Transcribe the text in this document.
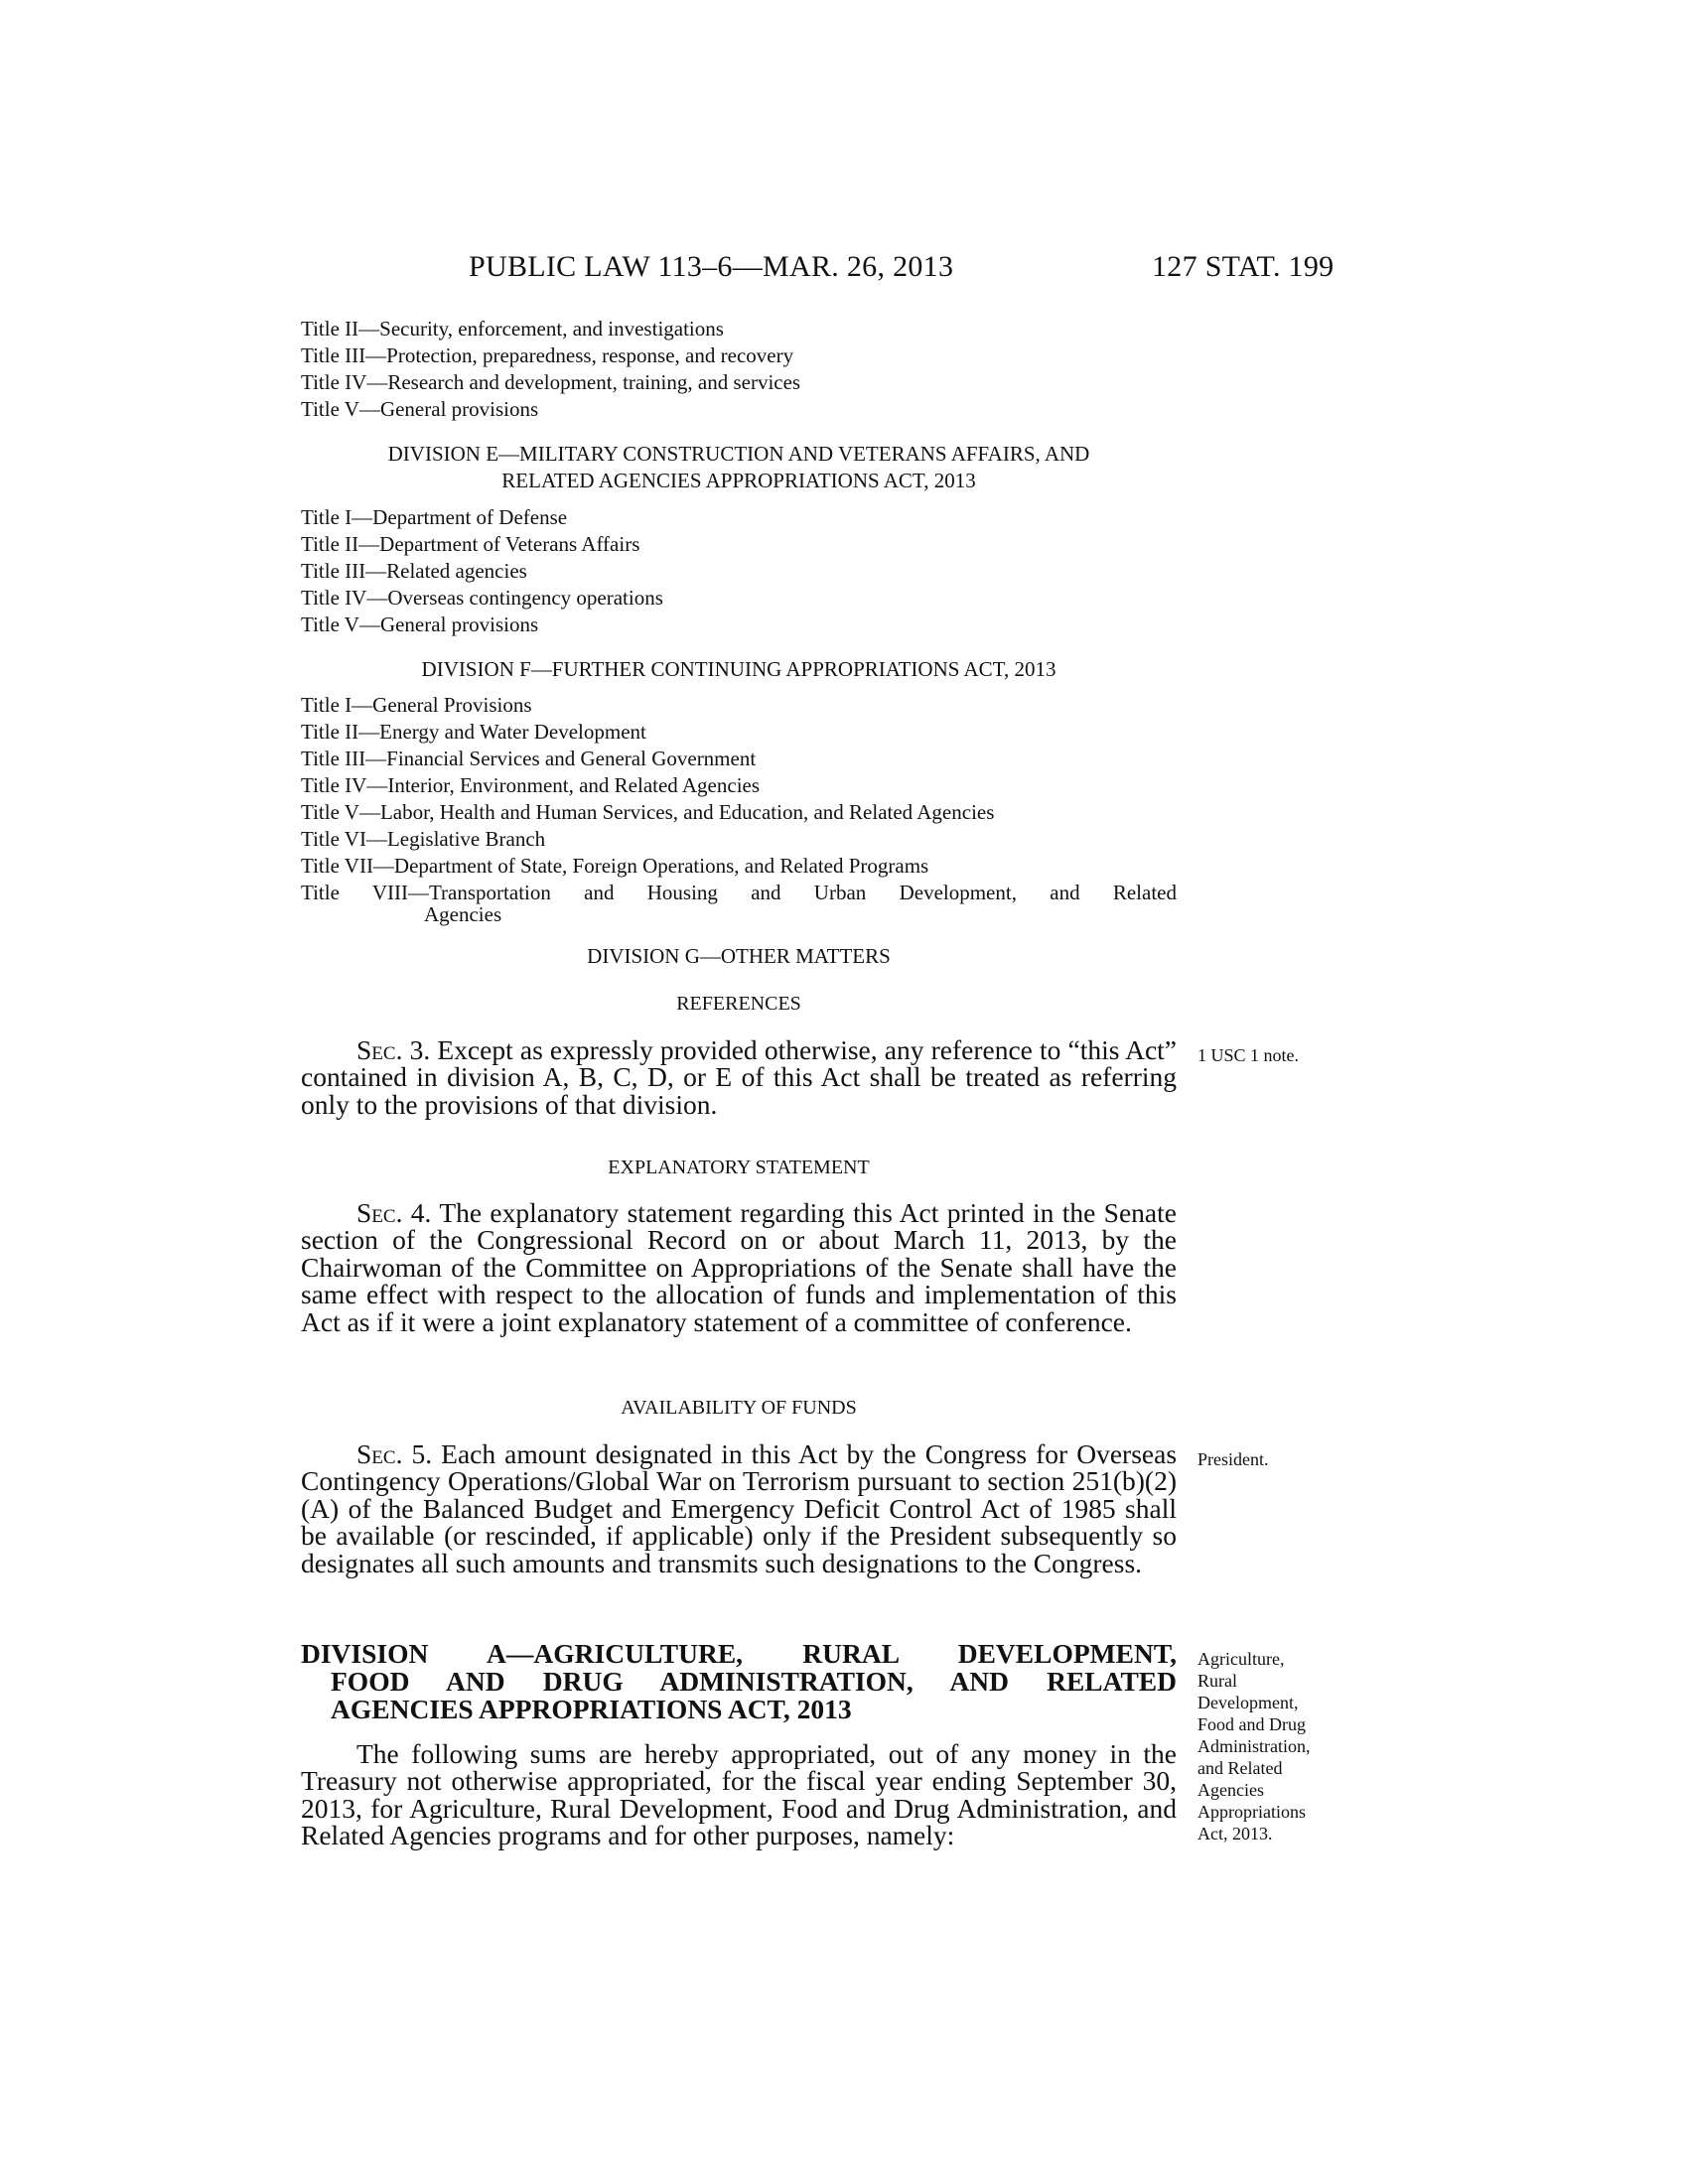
PUBLIC LAW 113–6—MAR. 26, 2013	127 STAT. 199
Title II—Security, enforcement, and investigations
Title III—Protection, preparedness, response, and recovery
Title IV—Research and development, training, and services
Title V—General provisions
DIVISION E—MILITARY CONSTRUCTION AND VETERANS AFFAIRS, AND
RELATED AGENCIES APPROPRIATIONS ACT, 2013
Title I—Department of Defense
Title II—Department of Veterans Affairs
Title III—Related agencies
Title IV—Overseas contingency operations
Title V—General provisions
DIVISION F—FURTHER CONTINUING APPROPRIATIONS ACT, 2013
Title I—General Provisions
Title II—Energy and Water Development
Title III—Financial Services and General Government
Title IV—Interior, Environment, and Related Agencies
Title V—Labor, Health and Human Services, and Education, and Related Agencies
Title VI—Legislative Branch
Title VII—Department of State, Foreign Operations, and Related Programs
Title VIII—Transportation and Housing and Urban Development, and Related
Agencies
DIVISION G—OTHER MATTERS
REFERENCES
Sec. 3. Except as expressly provided otherwise, any reference to “this Act” contained in division A, B, C, D, or E of this Act shall be treated as referring only to the provisions of that division.
1 USC 1 note.
EXPLANATORY STATEMENT
Sec. 4. The explanatory statement regarding this Act printed in the Senate section of the Congressional Record on or about March 11, 2013, by the Chairwoman of the Committee on Appropriations of the Senate shall have the same effect with respect to the allocation of funds and implementation of this Act as if it were a joint explanatory statement of a committee of conference.
AVAILABILITY OF FUNDS
Sec. 5. Each amount designated in this Act by the Congress for Overseas Contingency Operations/Global War on Terrorism pursuant to section 251(b)(2)(A) of the Balanced Budget and Emergency Deficit Control Act of 1985 shall be available (or rescinded, if applicable) only if the President subsequently so designates all such amounts and transmits such designations to the Congress.
President.
DIVISION A—AGRICULTURE, RURAL DEVELOPMENT,
FOOD AND DRUG ADMINISTRATION, AND RELATED
AGENCIES APPROPRIATIONS ACT, 2013
The following sums are hereby appropriated, out of any money in the Treasury not otherwise appropriated, for the fiscal year ending September 30, 2013, for Agriculture, Rural Development, Food and Drug Administration, and Related Agencies programs and for other purposes, namely:
Agriculture,
Rural
Development,
Food and Drug
Administration,
and Related
Agencies
Appropriations
Act, 2013.
